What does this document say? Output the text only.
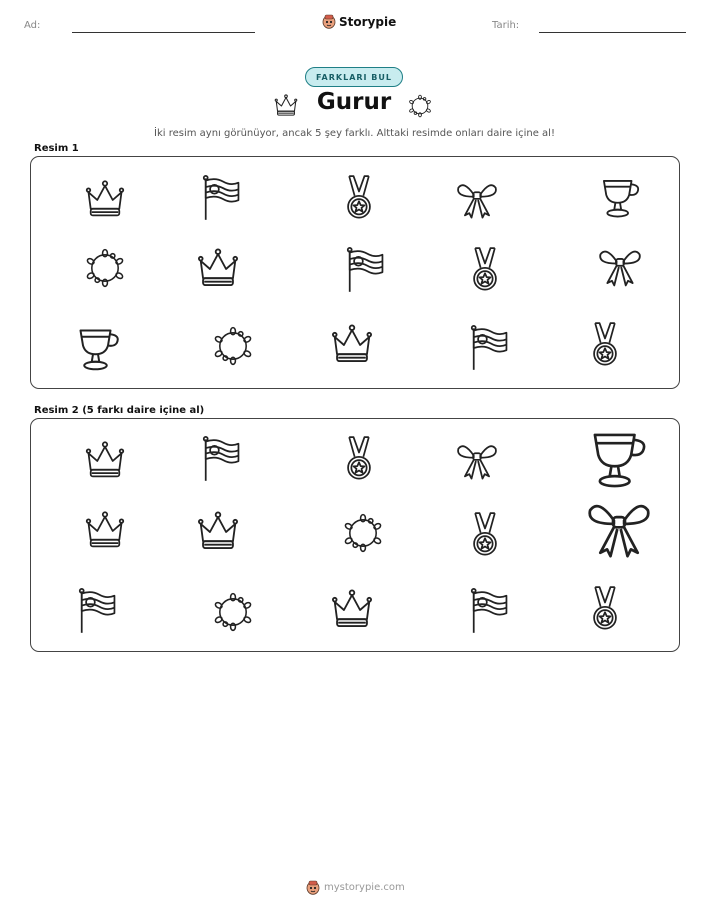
Ad:	Storypie	Tarih:
FARKLARI BUL
Gurur
İki resim aynı görünüyor, ancak 5 şey farklı. Alttaki resimde onları daire içine al!
Resim 1
Resim 2 (5 farkı daire içine al)
mystorypie.com
